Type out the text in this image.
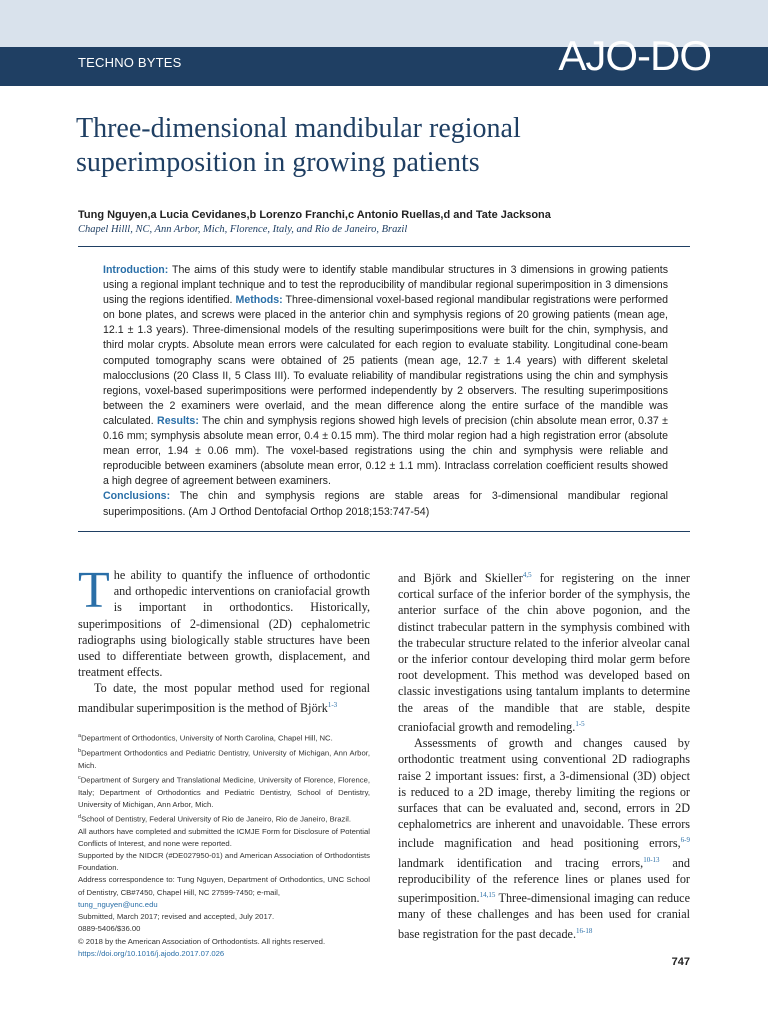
TECHNO BYTES	AJO-DO
Three-dimensional mandibular regional superimposition in growing patients
Tung Nguyen,a Lucia Cevidanes,b Lorenzo Franchi,c Antonio Ruellas,d and Tate Jacksona
Chapel Hilll, NC, Ann Arbor, Mich, Florence, Italy, and Rio de Janeiro, Brazil
Introduction: The aims of this study were to identify stable mandibular structures in 3 dimensions in growing patients using a regional implant technique and to test the reproducibility of mandibular regional superimposition in 3 dimensions using the regions identified. Methods: Three-dimensional voxel-based regional mandibular registrations were performed on bone plates, and screws were placed in the anterior chin and symphysis regions of 20 growing patients (mean age, 12.1 ± 1.3 years). Three-dimensional models of the resulting superimpositions were built for the chin, symphysis, and third molar crypts. Absolute mean errors were calculated for each region to evaluate stability. Longitudinal cone-beam computed tomography scans were obtained of 25 patients (mean age, 12.7 ± 1.4 years) with different skeletal malocclusions (20 Class II, 5 Class III). To evaluate reliability of mandibular registrations using the chin and symphysis regions, voxel-based superimpositions were performed independently by 2 observers. The resulting superimpositions between the 2 examiners were overlaid, and the mean difference along the entire surface of the mandible was calculated. Results: The chin and symphysis regions showed high levels of precision (chin absolute mean error, 0.37 ± 0.16 mm; symphysis absolute mean error, 0.4 ± 0.15 mm). The third molar region had a high registration error (absolute mean error, 1.94 ± 0.06 mm). The voxel-based registrations using the chin and symphysis were reliable and reproducible between examiners (absolute mean error, 0.12 ± 1.1 mm). Intraclass correlation coefficient results showed a high degree of agreement between examiners.
Conclusions: The chin and symphysis regions are stable areas for 3-dimensional mandibular regional superimpositions. (Am J Orthod Dentofacial Orthop 2018;153:747-54)

The ability to quantify the influence of orthodontic and orthopedic interventions on craniofacial growth is important in orthodontics. Historically, superimpositions of 2-dimensional (2D) cephalometric radiographs using biologically stable structures have been used to differentiate between growth, displacement, and treatment effects.

To date, the most popular method used for regional mandibular superimposition is the method of Björk$^{1-3}$

$^a$Department of Orthodontics, University of North Carolina, Chapel Hill, NC.
$^b$Department Orthodontics and Pediatric Dentistry, University of Michigan, Ann Arbor, Mich.
$^c$Department of Surgery and Translational Medicine, University of Florence, Florence, Italy; Department of Orthodontics and Pediatric Dentistry, School of Dentistry, University of Michigan, Ann Arbor, Mich.
$^d$School of Dentistry, Federal University of Rio de Janeiro, Rio de Janeiro, Brazil.
All authors have completed and submitted the ICMJE Form for Disclosure of Potential Conflicts of Interest, and none were reported.
Supported by the NIDCR (#DE027950-01) and American Association of Orthodontists Foundation.
Address correspondence to: Tung Nguyen, Department of Orthodontics, UNC School of Dentistry, CB#7450, Chapel Hill, NC 27599-7450; e-mail,
tung_nguyen@unc.edu
Submitted, March 2017; revised and accepted, July 2017.
0889-5406/$36.00
© 2018 by the American Association of Orthodontists. All rights reserved.
https://doi.org/10.1016/j.ajodo.2017.07.026

and Björk and Skieller$^{4,5}$ for registering on the inner cortical surface of the inferior border of the symphysis, the anterior surface of the chin above pogonion, and the distinct trabecular pattern in the symphysis combined with the trabecular structure related to the inferior alveolar canal or the inferior contour developing third molar germ before root development. This method was developed based on classic investigations using tantalum implants to determine the areas of the mandible that are stable, despite craniofacial growth and remodeling.$^{1-5}$

Assessments of growth and changes caused by orthodontic treatment using conventional 2D radiographs raise 2 important issues: first, a 3-dimensional (3D) object is reduced to a 2D image, thereby limiting the regions or surfaces that can be evaluated and, second, errors in 2D cephalometrics are inherent and unavoidable. These errors include magnification and head positioning errors,$^{6-9}$ landmark identification and tracing errors,$^{10-13}$ and reproducibility of the reference lines or planes used for superimposition.$^{14,15}$ Three-dimensional imaging can reduce many of these challenges and has been used for cranial base registration for the past decade.$^{16-18}$

747
